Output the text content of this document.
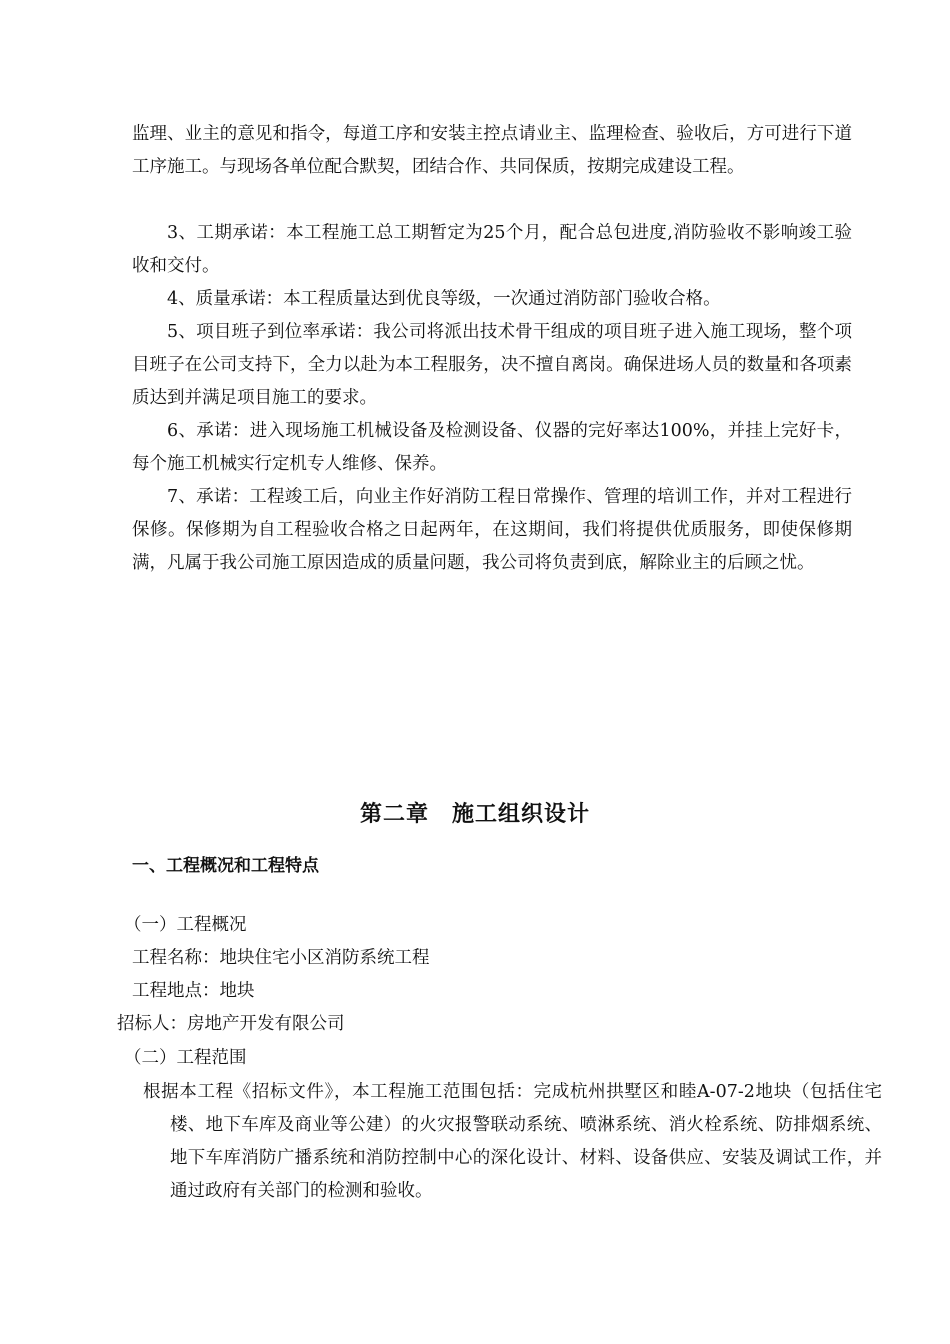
监理、业主的意见和指令，每道工序和安装主控点请业主、监理检查、验收后，方可进行下道工序施工。与现场各单位配合默契，团结合作、共同保质，按期完成建设工程。

3、工期承诺：本工程施工总工期暂定为25个月，配合总包进度,消防验收不影响竣工验收和交付。

4、质量承诺：本工程质量达到优良等级，一次通过消防部门验收合格。

5、项目班子到位率承诺：我公司将派出技术骨干组成的项目班子进入施工现场，整个项目班子在公司支持下，全力以赴为本工程服务，决不擅自离岗。确保进场人员的数量和各项素质达到并满足项目施工的要求。

6、承诺：进入现场施工机械设备及检测设备、仪器的完好率达100%，并挂上完好卡，每个施工机械实行定机专人维修、保养。

7、承诺：工程竣工后，向业主作好消防工程日常操作、管理的培训工作，并对工程进行保修。保修期为自工程验收合格之日起两年，在这期间，我们将提供优质服务，即使保修期满，凡属于我公司施工原因造成的质量问题，我公司将负责到底，解除业主的后顾之忧。

第二章　施工组织设计
一、工程概况和工程特点

（一）工程概况

工程名称：地块住宅小区消防系统工程

工程地点：地块

招标人：房地产开发有限公司

（二）工程范围

根据本工程《招标文件》，本工程施工范围包括：完成杭州拱墅区和睦A-07-2地块（包括住宅楼、地下车库及商业等公建）的火灾报警联动系统、喷淋系统、消火栓系统、防排烟系统、地下车库消防广播系统和消防控制中心的深化设计、材料、设备供应、安装及调试工作，并通过政府有关部门的检测和验收。
